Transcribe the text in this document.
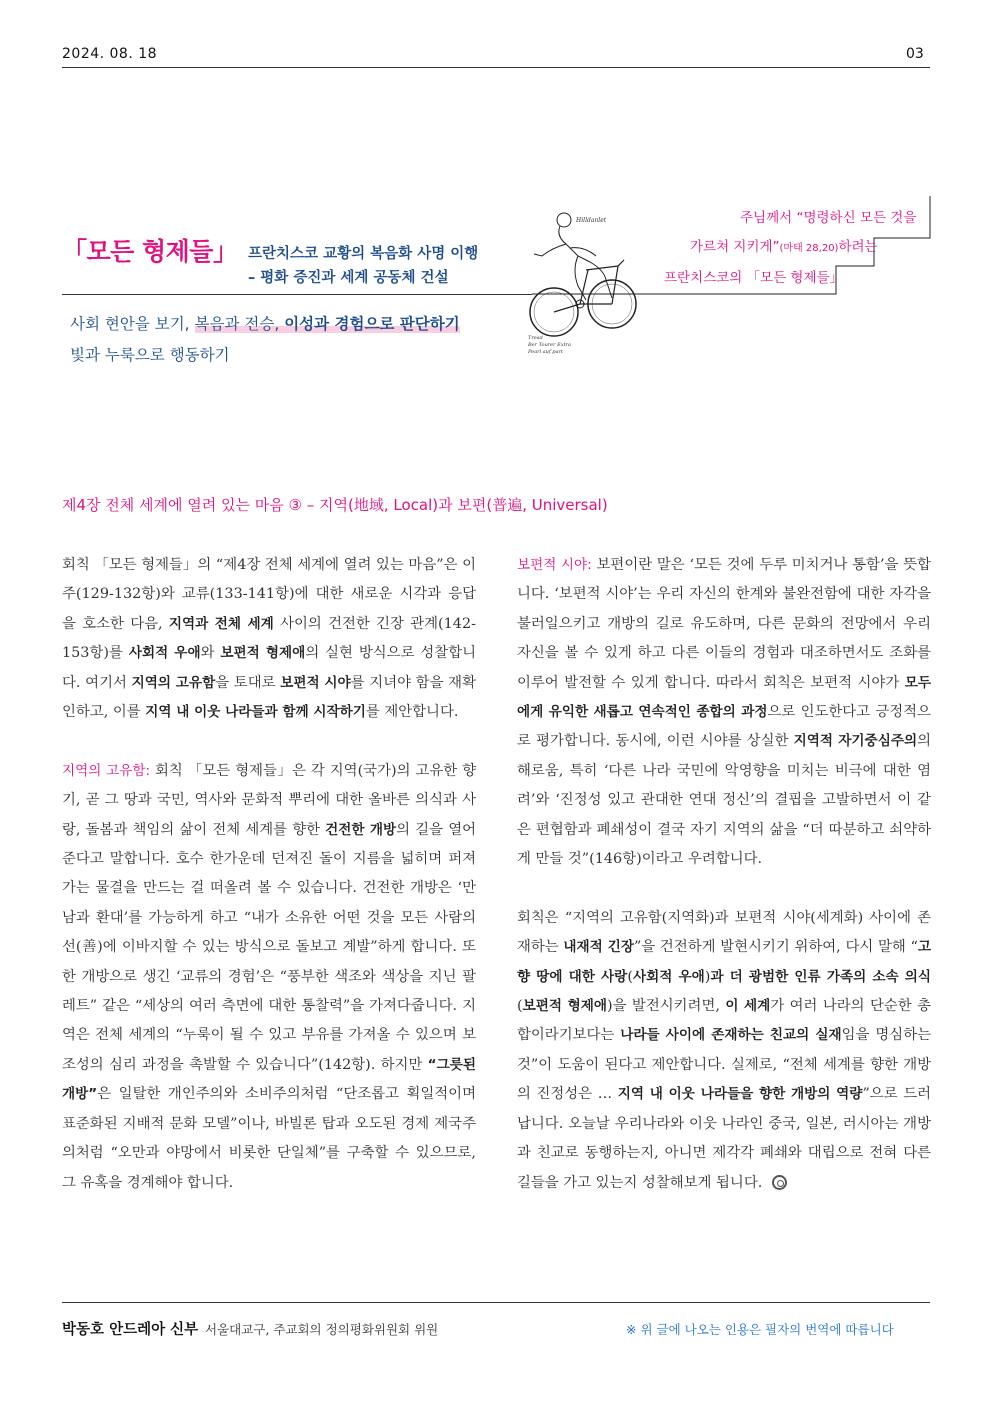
2024. 08. 18	03
「모든 형제들」 프란치스코 교황의 복음화 사명 이행
– 평화 증진과 세계 공동체 건설
사회 현안을 보기, 복음과 전승, 이성과 경험으로 판단하기
빛과 누룩으로 행동하기
Hilldanlet
Tread
Ber Tourer Extra
Pearl auf part
주님께서 “명령하신 모든 것을
가르쳐 지키게”(마태 28,20)하려는
프란치스코의 「모든 형제들」
제4장 전체 세계에 열려 있는 마음 ③ – 지역(地域, Local)과 보편(普遍, Universal)

회칙 「모든 형제들」의 “제4장 전체 세계에 열려 있는 마음”은 이주(129-132항)와 교류(133-141항)에 대한 새로운 시각과 응답을 호소한 다음, 지역과 전체 세계 사이의 건전한 긴장 관계(142-153항)를 사회적 우애와 보편적 형제애의 실현 방식으로 성찰합니다. 여기서 지역의 고유함을 토대로 보편적 시야를 지녀야 함을 재확인하고, 이를 지역 내 이웃 나라들과 함께 시작하기를 제안합니다.

지역의 고유함: 회칙 「모든 형제들」은 각 지역(국가)의 고유한 향기, 곧 그 땅과 국민, 역사와 문화적 뿌리에 대한 올바른 의식과 사랑, 돌봄과 책임의 삶이 전체 세계를 향한 건전한 개방의 길을 열어준다고 말합니다. 호수 한가운데 던져진 돌이 지름을 넓히며 퍼져가는 물결을 만드는 걸 떠올려 볼 수 있습니다. 건전한 개방은 ‘만남과 환대’를 가능하게 하고 “내가 소유한 어떤 것을 모든 사람의 선(善)에 이바지할 수 있는 방식으로 돌보고 계발”하게 합니다. 또한 개방으로 생긴 ‘교류의 경험’은 “풍부한 색조와 색상을 지닌 팔레트” 같은 “세상의 여러 측면에 대한 통찰력”을 가져다줍니다. 지역은 전체 세계의 “누룩이 될 수 있고 부유를 가져올 수 있으며 보조성의 심리 과정을 촉발할 수 있습니다”(142항). 하지만 “그릇된 개방”은 일탈한 개인주의와 소비주의처럼 “단조롭고 획일적이며 표준화된 지배적 문화 모델”이나, 바빌론 탑과 오도된 경제 제국주의처럼 “오만과 야망에서 비롯한 단일체”를 구축할 수 있으므로, 그 유혹을 경계해야 합니다.

보편적 시야: 보편이란 말은 ‘모든 것에 두루 미치거나 통함’을 뜻합니다. ‘보편적 시야’는 우리 자신의 한계와 불완전함에 대한 자각을 불러일으키고 개방의 길로 유도하며, 다른 문화의 전망에서 우리 자신을 볼 수 있게 하고 다른 이들의 경험과 대조하면서도 조화를 이루어 발전할 수 있게 합니다. 따라서 회칙은 보편적 시야가 모두에게 유익한 새롭고 연속적인 종합의 과정으로 인도한다고 긍정적으로 평가합니다. 동시에, 이런 시야를 상실한 지역적 자기중심주의의 해로움, 특히 ‘다른 나라 국민에 악영향을 미치는 비극에 대한 염려’와 ‘진정성 있고 관대한 연대 정신’의 결핍을 고발하면서 이 같은 편협함과 폐쇄성이 결국 자기 지역의 삶을 “더 따분하고 쇠약하게 만들 것”(146항)이라고 우려합니다.

회칙은 “지역의 고유함(지역화)과 보편적 시야(세계화) 사이에 존재하는 내재적 긴장”을 건전하게 발현시키기 위하여, 다시 말해 “고향 땅에 대한 사랑(사회적 우애)과 더 광범한 인류 가족의 소속 의식(보편적 형제애)을 발전시키려면, 이 세계가 여러 나라의 단순한 총합이라기보다는 나라들 사이에 존재하는 친교의 실재임을 명심하는 것”이 도움이 된다고 제안합니다. 실제로, “전체 세계를 향한 개방의 진정성은 … 지역 내 이웃 나라들을 향한 개방의 역량”으로 드러납니다. 오늘날 우리나라와 이웃 나라인 중국, 일본, 러시아는 개방과 친교로 동행하는지, 아니면 제각각 폐쇄와 대립으로 전혀 다른 길들을 가고 있는지 성찰해보게 됩니다.

박동호 안드레아 신부 서울대교구, 주교회의 정의평화위원회 위원	※ 위 글에 나오는 인용은 필자의 번역에 따릅니다
